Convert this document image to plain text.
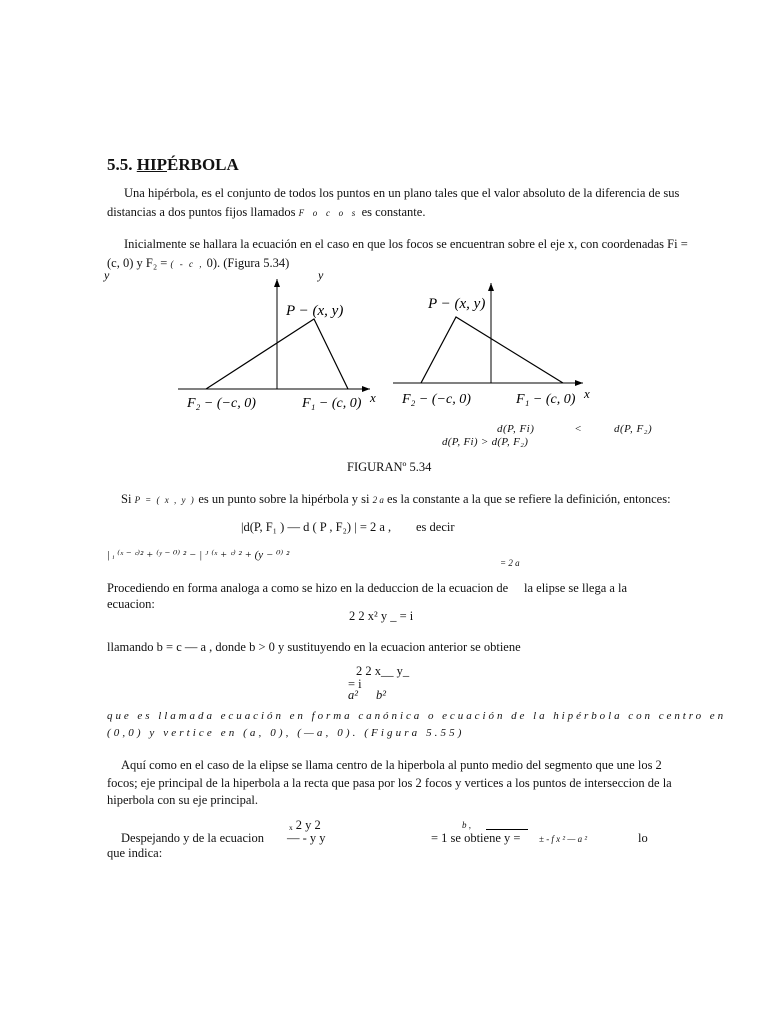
5.5. HIPÉRBOLA
Una hipérbola, es el conjunto de todos los puntos en un plano tales que el valor absoluto de la diferencia de sus
distancias a dos puntos fijos llamados F o c o s es constante.
Inicialmente se hallara la ecuación en el caso en que los focos se encuentran sobre el eje x, con coordenadas Fi =
(c, 0) y F₂ = ( - c , 0). (Figura 5.34)
y	y
P − (x, y)
F₂ − (−c, 0)	F₁ − (c, 0) x
P − (x, y)
F₂ − (−c, 0)	F₁ − (c, 0) x
d(P, Fi)	<	d(P, F₂)
d(P, Fi) > d(P, F₂)
FIGURANº 5.34
Si P = ( x , y ) es un punto sobre la hipérbola y si 2 a es la constante a la que se refiere la definición, entonces:
|d(P, F₁ ) — d ( P , F₂) | = 2 a , es decir
| ᵢ ⁽ˣ ⁻ ᶜ⁾² + ⁽ʸ ⁻ ⁰⁾ ² − | ᴶ ⁽ˣ + ᶜ⁾ ² + (y − ⁰⁾ ²
= 2 a
Procediendo en forma analoga a como se hizo en la deduccion de la ecuacion de la elipse se llega a la
ecuacion:
2 2 x² y _ = i
llamando b = c — a , donde b > 0 y sustituyendo en la ecuacion anterior se obtiene
2 2 x__ y_
= i
a² b²
que es llamada ecuación en forma canónica o ecuación de la hipérbola con centro en
(0,0) y vertice en (a, 0), (—a, 0). (Figura 5.55)
Aquí como en el caso de la elipse se llama centro de la hiperbola al punto medio del segmento que une los 2
focos; eje principal de la hiperbola a la recta que pasa por los 2 focos y vertices a los puntos de interseccion de la
hiperbola con su eje principal.
ₓ 2 y 2	b ,
Despejando y de la ecuacion — - y y	= 1 se obtiene y = ± - f x ² — a ²	lo
que indica:
